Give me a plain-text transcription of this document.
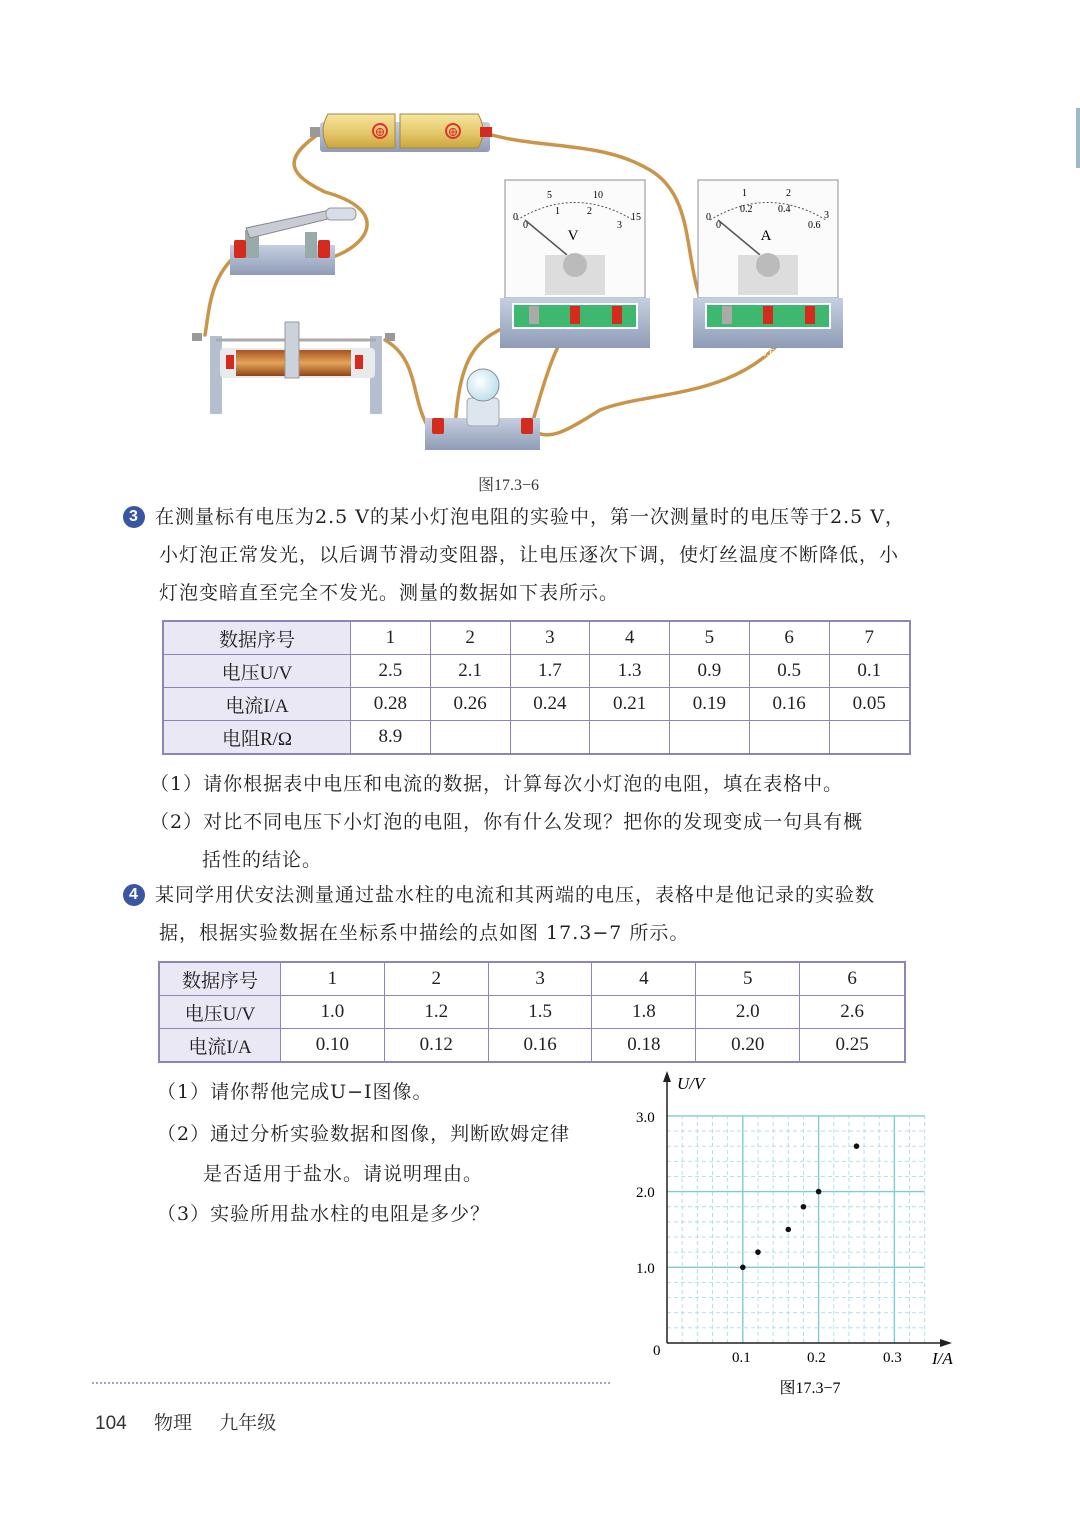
⊕	⊕
0
5	10
15
0
1	2
3
V
−	3	15
0
1	2
3
0
0.2	0.4
0.6
A
−	0.6	3
图17.3−6
3 在测量标有电压为2.5 V的某小灯泡电阻的实验中，第一次测量时的电压等于2.5 V，
小灯泡正常发光，以后调节滑动变阻器，让电压逐次下调，使灯丝温度不断降低，小
灯泡变暗直至完全不发光。测量的数据如下表所示。
数据序号	1	2	3	4	5	6	7
电压U/V	2.5	2.1	1.7	1.3	0.9	0.5	0.1
电流I/A	0.28	0.26	0.24	0.21	0.19	0.16	0.05
电阻R/Ω	8.9						
（1）请你根据表中电压和电流的数据，计算每次小灯泡的电阻，填在表格中。
（2）对比不同电压下小灯泡的电阻，你有什么发现？把你的发现变成一句具有概
括性的结论。
4 某同学用伏安法测量通过盐水柱的电流和其两端的电压，表格中是他记录的实验数
据，根据实验数据在坐标系中描绘的点如图 17.3−7 所示。
数据序号	1	2	3	4	5	6
电压U/V	1.0	1.2	1.5	1.8	2.0	2.6
电流I/A	0.10	0.12	0.16	0.18	0.20	0.25
（1）请你帮他完成U−I图像。
（2）通过分析实验数据和图像，判断欧姆定律
是否适用于盐水。请说明理由。
（3）实验所用盐水柱的电阻是多少？
U/V
I/A
0
1.0
2.0
3.0
0.1	0.2	0.3
图17.3−7
104 物理 九年级
